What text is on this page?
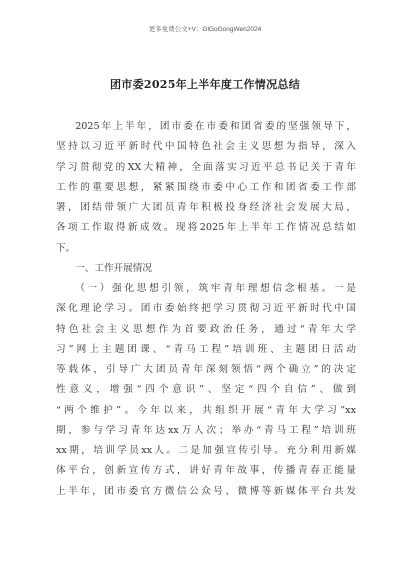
更多免费公文+V：GlGoGongWen2024
团市委2025年上半年度工作情况总结
2025年上半年，团市委在市委和团省委的坚强领导下，
坚持以习近平新时代中国特色社会主义思想为指导，深入
学习贯彻党的XX大精神，全面落实习近平总书记关于青年
工作的重要思想，紧紧围绕市委中心工作和团省委工作部
署，团结带领广大团员青年积极投身经济社会发展大局，
各项工作取得新成效。现将2025年上半年工作情况总结如
下。
一、工作开展情况
（一）强化思想引领，筑牢青年理想信念根基。一是
深化理论学习。团市委始终把学习贯彻习近平新时代中国
特色社会主义思想作为首要政治任务，通过“青年大学
习”网上主题团课、“青马工程”培训班、主题团日活动
等载体，引导广大团员青年深刻领悟“两个确立”的决定
性意义，增强“四个意识”、坚定“四个自信”、做到
“两个维护”。今年以来，共组织开展“青年大学习”xx
期，参与学习青年达xx万人次；举办“青马工程”培训班
xx期，培训学员xx人。二是加强宣传引导。充分利用新媒
体平台，创新宣传方式，讲好青年故事，传播青春正能量
上半年，团市委官方微信公众号、微博等新媒体平台共发
